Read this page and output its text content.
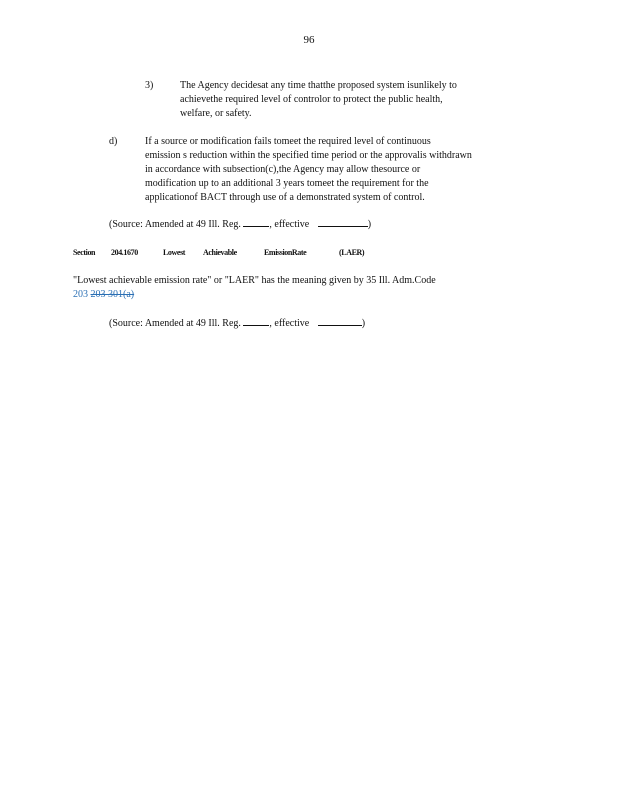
96
3)	The Agency decidesat any time thatthe proposed system isunlikely to
achievethe required level of controlor to protect the public health,
welfare, or safety.
d)	If a source or modification fails tomeet the required level of continuous
emission s reduction within the specified time period or the approvalis withdrawn
in accordance with subsection(c),the Agency may allow thesource or
modification up to an additional 3 years tomeet the requirement for the
applicationof BACT through use of a demonstrated system of control.
(Source: Amended at 49 Ill. Reg.	, effective	)
Section 204.1670	Lowest Achievable	EmissionRate	(LAER)
"Lowest achievable emission rate" or "LAER" has the meaning given by 35 Ill. Adm.Code
203 203 301(a)
(Source: Amended at 49 Ill. Reg.	, effective	)
